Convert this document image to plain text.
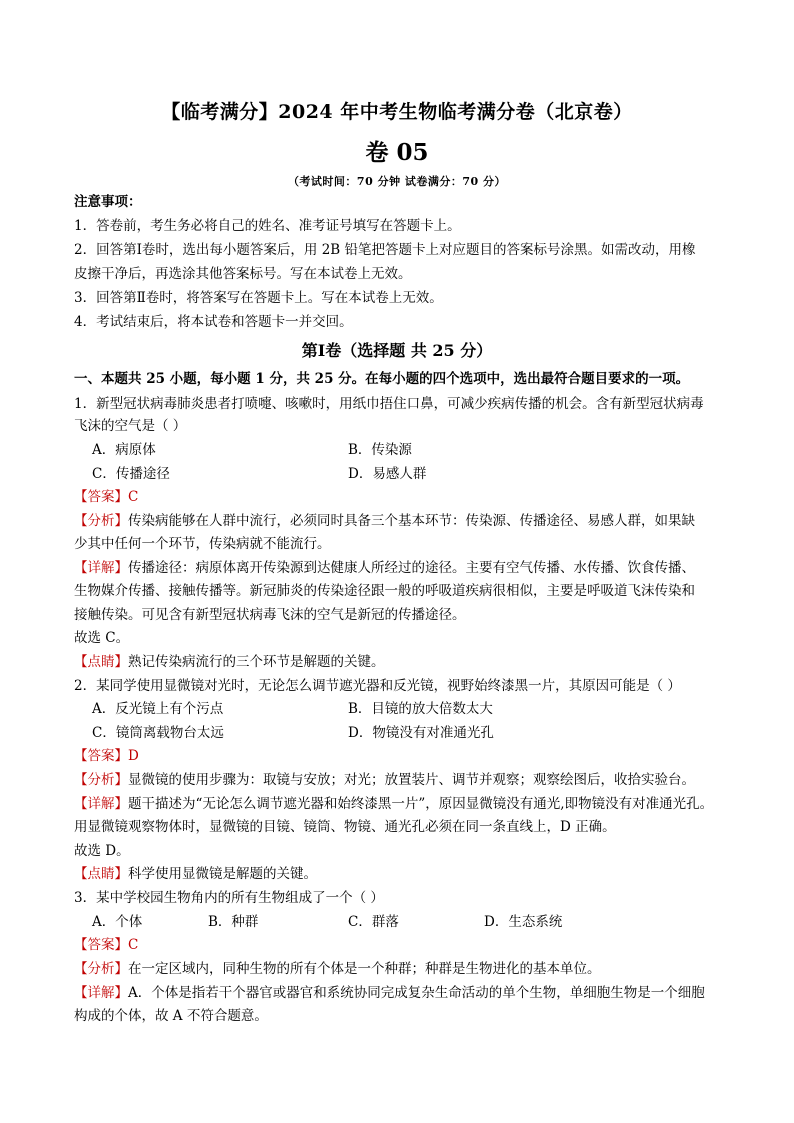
【临考满分】2024 年中考生物临考满分卷（北京卷）
卷 05
（考试时间：70 分钟 试卷满分：70 分）
注意事项：
1．答卷前，考生务必将自己的姓名、准考证号填写在答题卡上。
2．回答第Ⅰ卷时，选出每小题答案后，用 2B 铅笔把答题卡上对应题目的答案标号涂黑。如需改动，用橡
皮擦干净后，再选涂其他答案标号。写在本试卷上无效。
3．回答第Ⅱ卷时，将答案写在答题卡上。写在本试卷上无效。
4．考试结束后，将本试卷和答题卡一并交回。
第Ⅰ卷（选择题 共 25 分）
一、本题共 25 小题，每小题 1 分，共 25 分。在每小题的四个选项中，选出最符合题目要求的一项。
1．新型冠状病毒肺炎患者打喷嚏、咳嗽时，用纸巾捂住口鼻，可减少疾病传播的机会。含有新型冠状病毒
飞沫的空气是（ ）
A．病原体	B．传染源
C．传播途径	D．易感人群
【答案】C
【分析】传染病能够在人群中流行，必须同时具备三个基本环节：传染源、传播途径、易感人群，如果缺
少其中任何一个环节，传染病就不能流行。
【详解】传播途径：病原体离开传染源到达健康人所经过的途径。主要有空气传播、水传播、饮食传播、
生物媒介传播、接触传播等。新冠肺炎的传染途径跟一般的呼吸道疾病很相似，主要是呼吸道飞沫传染和
接触传染。可见含有新型冠状病毒飞沫的空气是新冠的传播途径。
故选 C。
【点睛】熟记传染病流行的三个环节是解题的关键。
2．某同学使用显微镜对光时，无论怎么调节遮光器和反光镜，视野始终漆黑一片，其原因可能是（ ）
A．反光镜上有个污点	B．目镜的放大倍数太大
C．镜筒离载物台太远	D．物镜没有对准通光孔
【答案】D
【分析】显微镜的使用步骤为：取镜与安放；对光；放置装片、调节并观察；观察绘图后，收拾实验台。
【详解】题干描述为“无论怎么调节遮光器和始终漆黑一片”，原因显微镜没有通光,即物镜没有对准通光孔。
用显微镜观察物体时，显微镜的目镜、镜筒、物镜、通光孔必须在同一条直线上，D 正确。
故选 D。
【点睛】科学使用显微镜是解题的关键。
3．某中学校园生物角内的所有生物组成了一个（ ）
A．个体	B．种群	C．群落	D．生态系统
【答案】C
【分析】在一定区域内，同种生物的所有个体是一个种群；种群是生物进化的基本单位。
【详解】A．个体是指若干个器官或器官和系统协同完成复杂生命活动的单个生物，单细胞生物是一个细胞
构成的个体，故 A 不符合题意。
